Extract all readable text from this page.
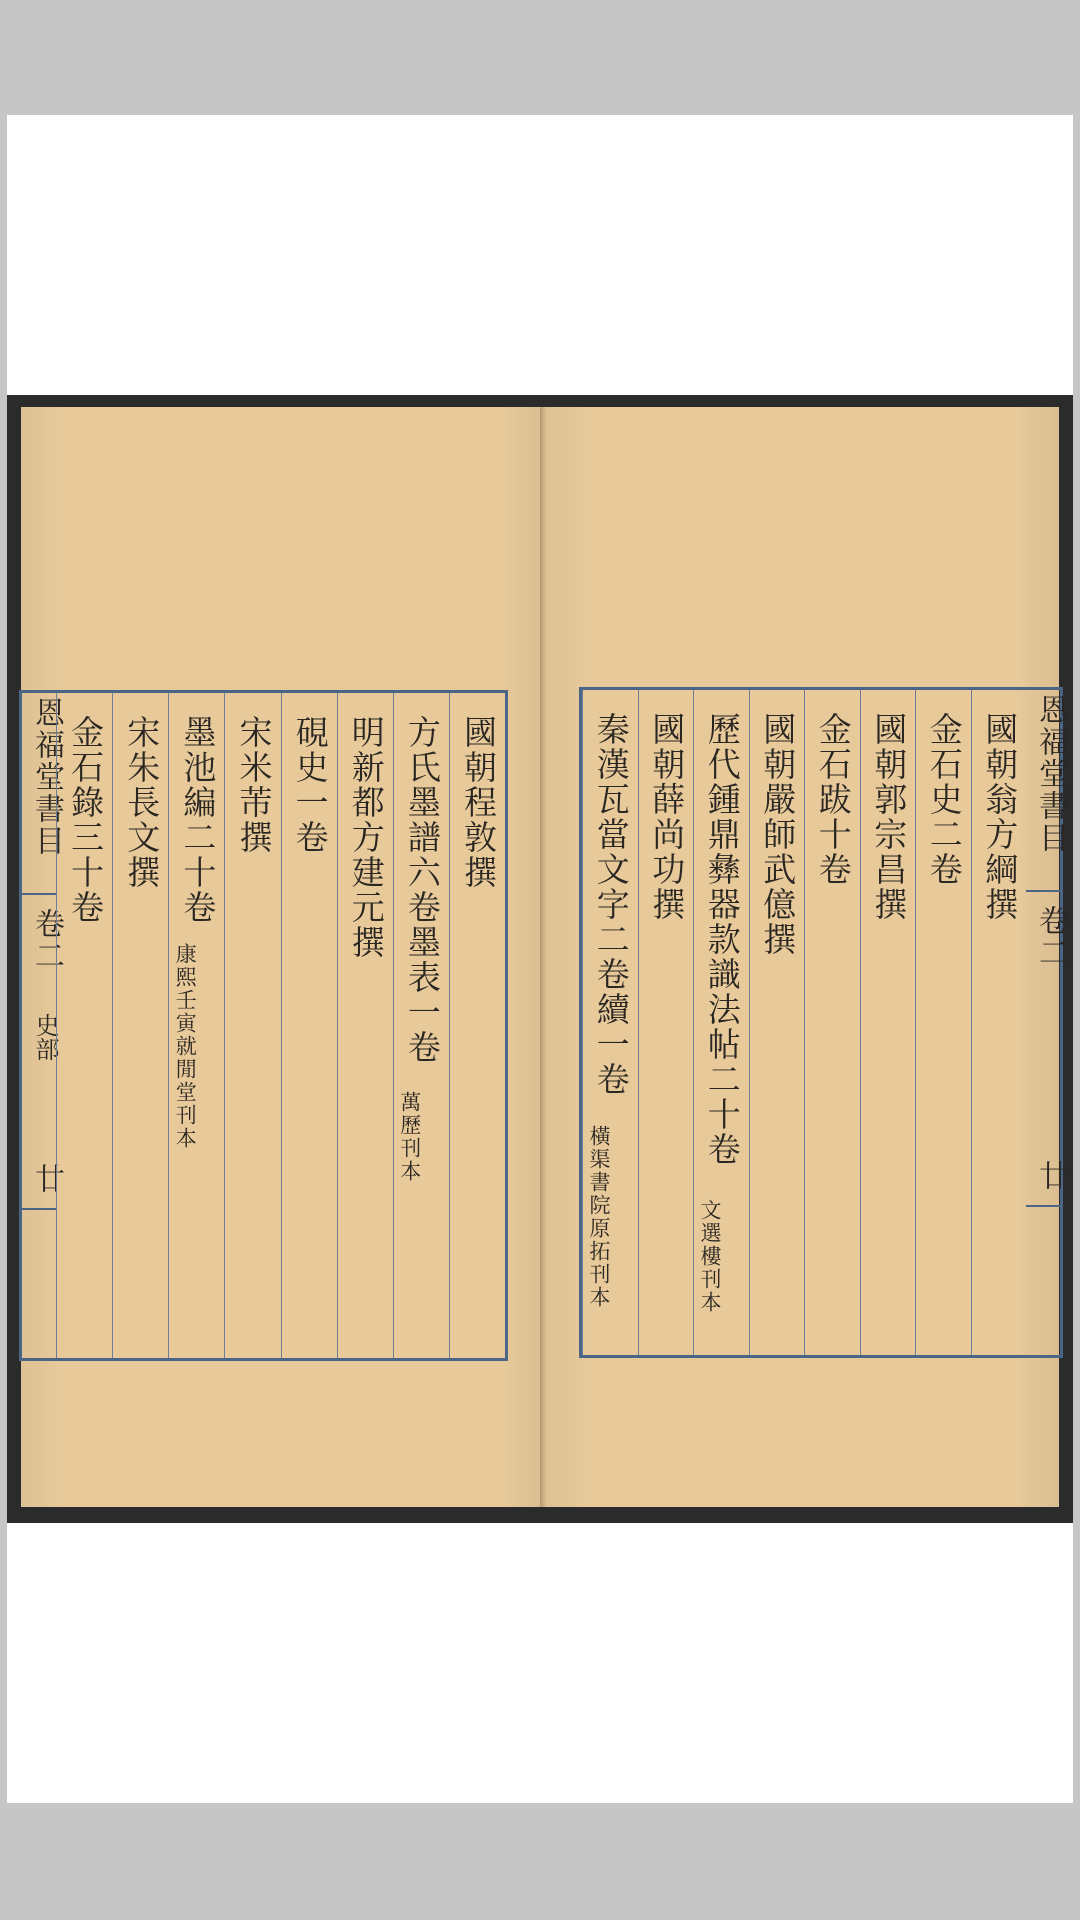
恩福堂書目
卷二
史部
廿
國朝程敦撰
方氏墨譜六卷墨表一卷
萬歷刊本
明新都方建元撰
硯史一卷
宋米芾撰
墨池編二十卷
康熙壬寅就閒堂刊本
宋朱長文撰
金石錄三十卷	恩福堂書目
卷二
廿
國朝翁方綱撰
金石史二卷
國朝郭宗昌撰
金石跋十卷
國朝嚴師武億撰
歷代鍾鼎彝器款識法帖二十卷
文選樓刊本
國朝薛尚功撰
秦漢瓦當文字二卷續一卷
橫渠書院原拓刊本
